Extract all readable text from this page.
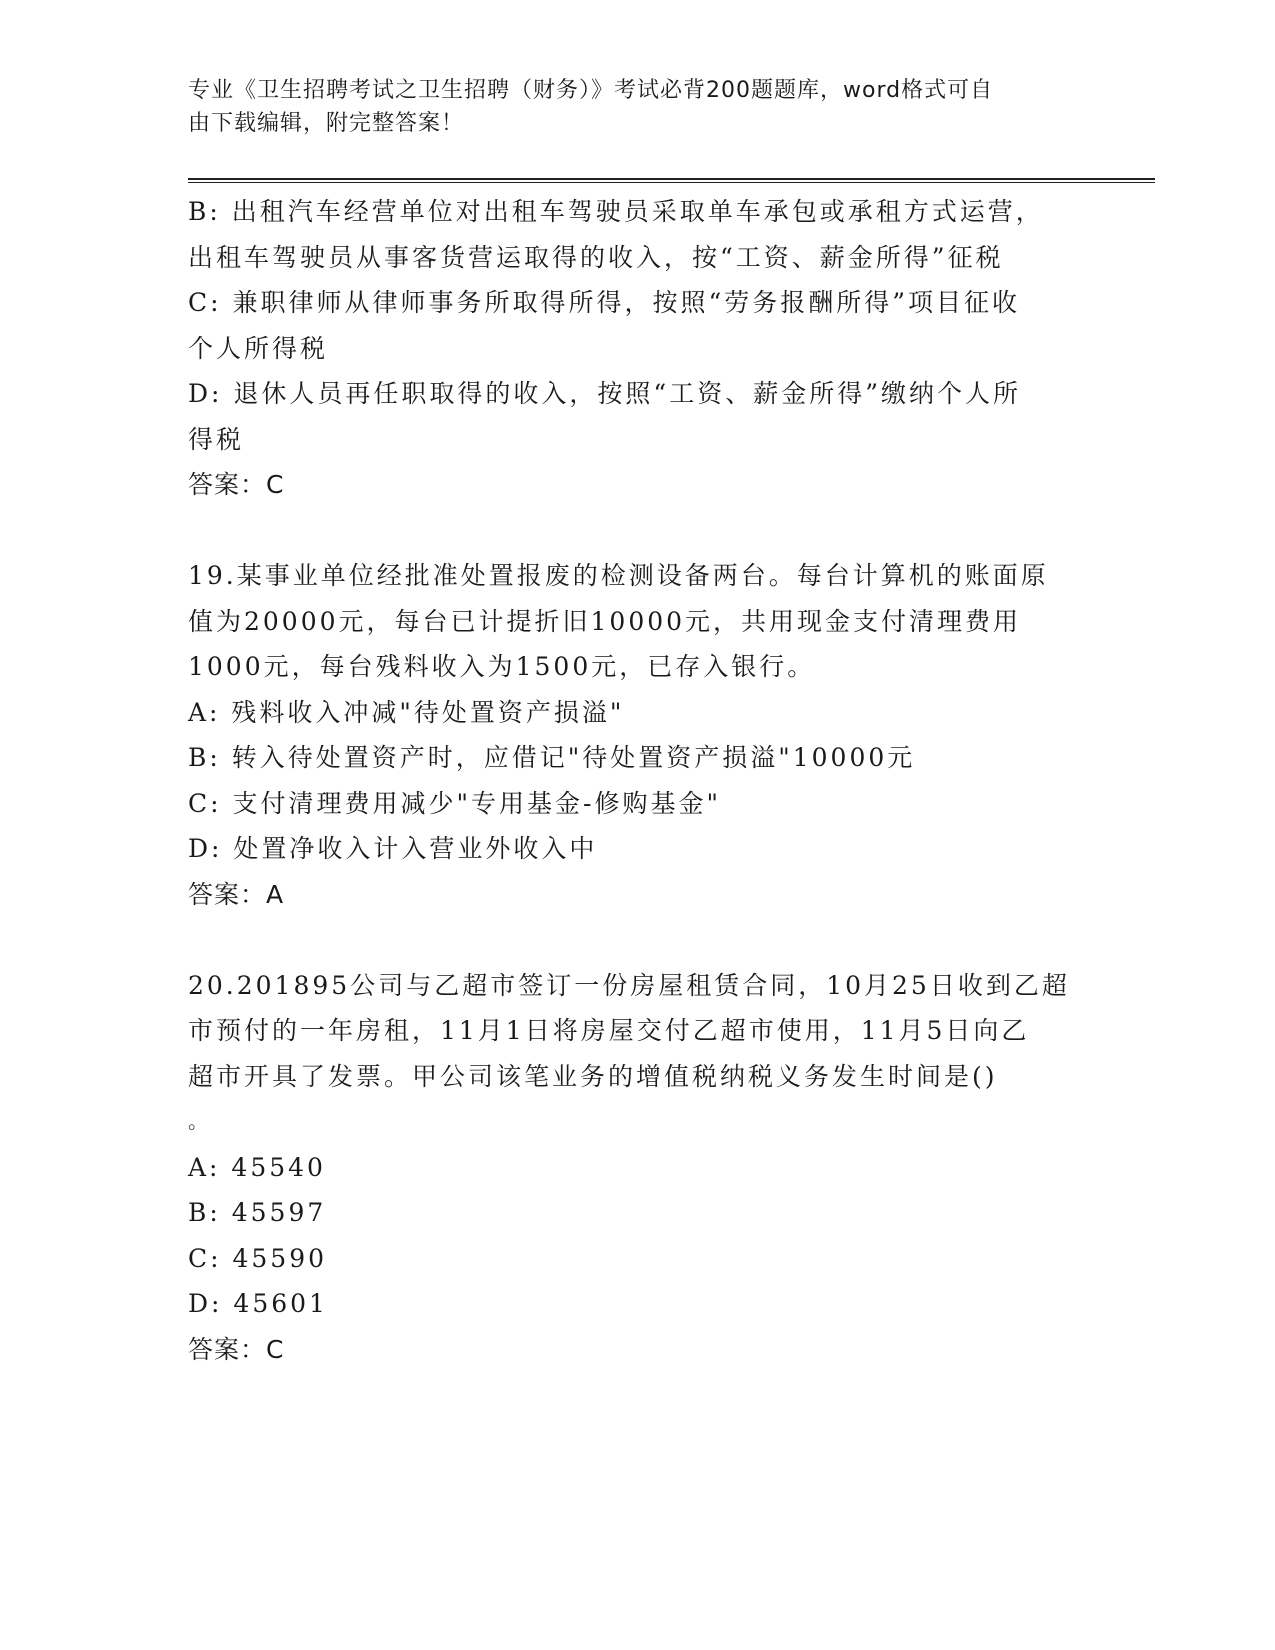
专业《卫生招聘考试之卫生招聘（财务）》考试必背200题题库，word格式可自
由下载编辑，附完整答案！
B: 出租汽车经营单位对出租车驾驶员采取单车承包或承租方式运营，
出租车驾驶员从事客货营运取得的收入，按“工资、薪金所得”征税
C: 兼职律师从律师事务所取得所得，按照“劳务报酬所得”项目征收
个人所得税
D: 退休人员再任职取得的收入，按照“工资、薪金所得”缴纳个人所
得税
答案：C
19.某事业单位经批准处置报废的检测设备两台。每台计算机的账面原
值为20000元，每台已计提折旧10000元，共用现金支付清理费用
1000元，每台残料收入为1500元，已存入银行。
A: 残料收入冲减"待处置资产损溢"
B: 转入待处置资产时，应借记"待处置资产损溢"10000元
C: 支付清理费用减少"专用基金-修购基金"
D: 处置净收入计入营业外收入中
答案：A
20.201895公司与乙超市签订一份房屋租赁合同，10月25日收到乙超
市预付的一年房租，11月1日将房屋交付乙超市使用，11月5日向乙
超市开具了发票。甲公司该笔业务的增值税纳税义务发生时间是()
。
A: 45540
B: 45597
C: 45590
D: 45601
答案：C
